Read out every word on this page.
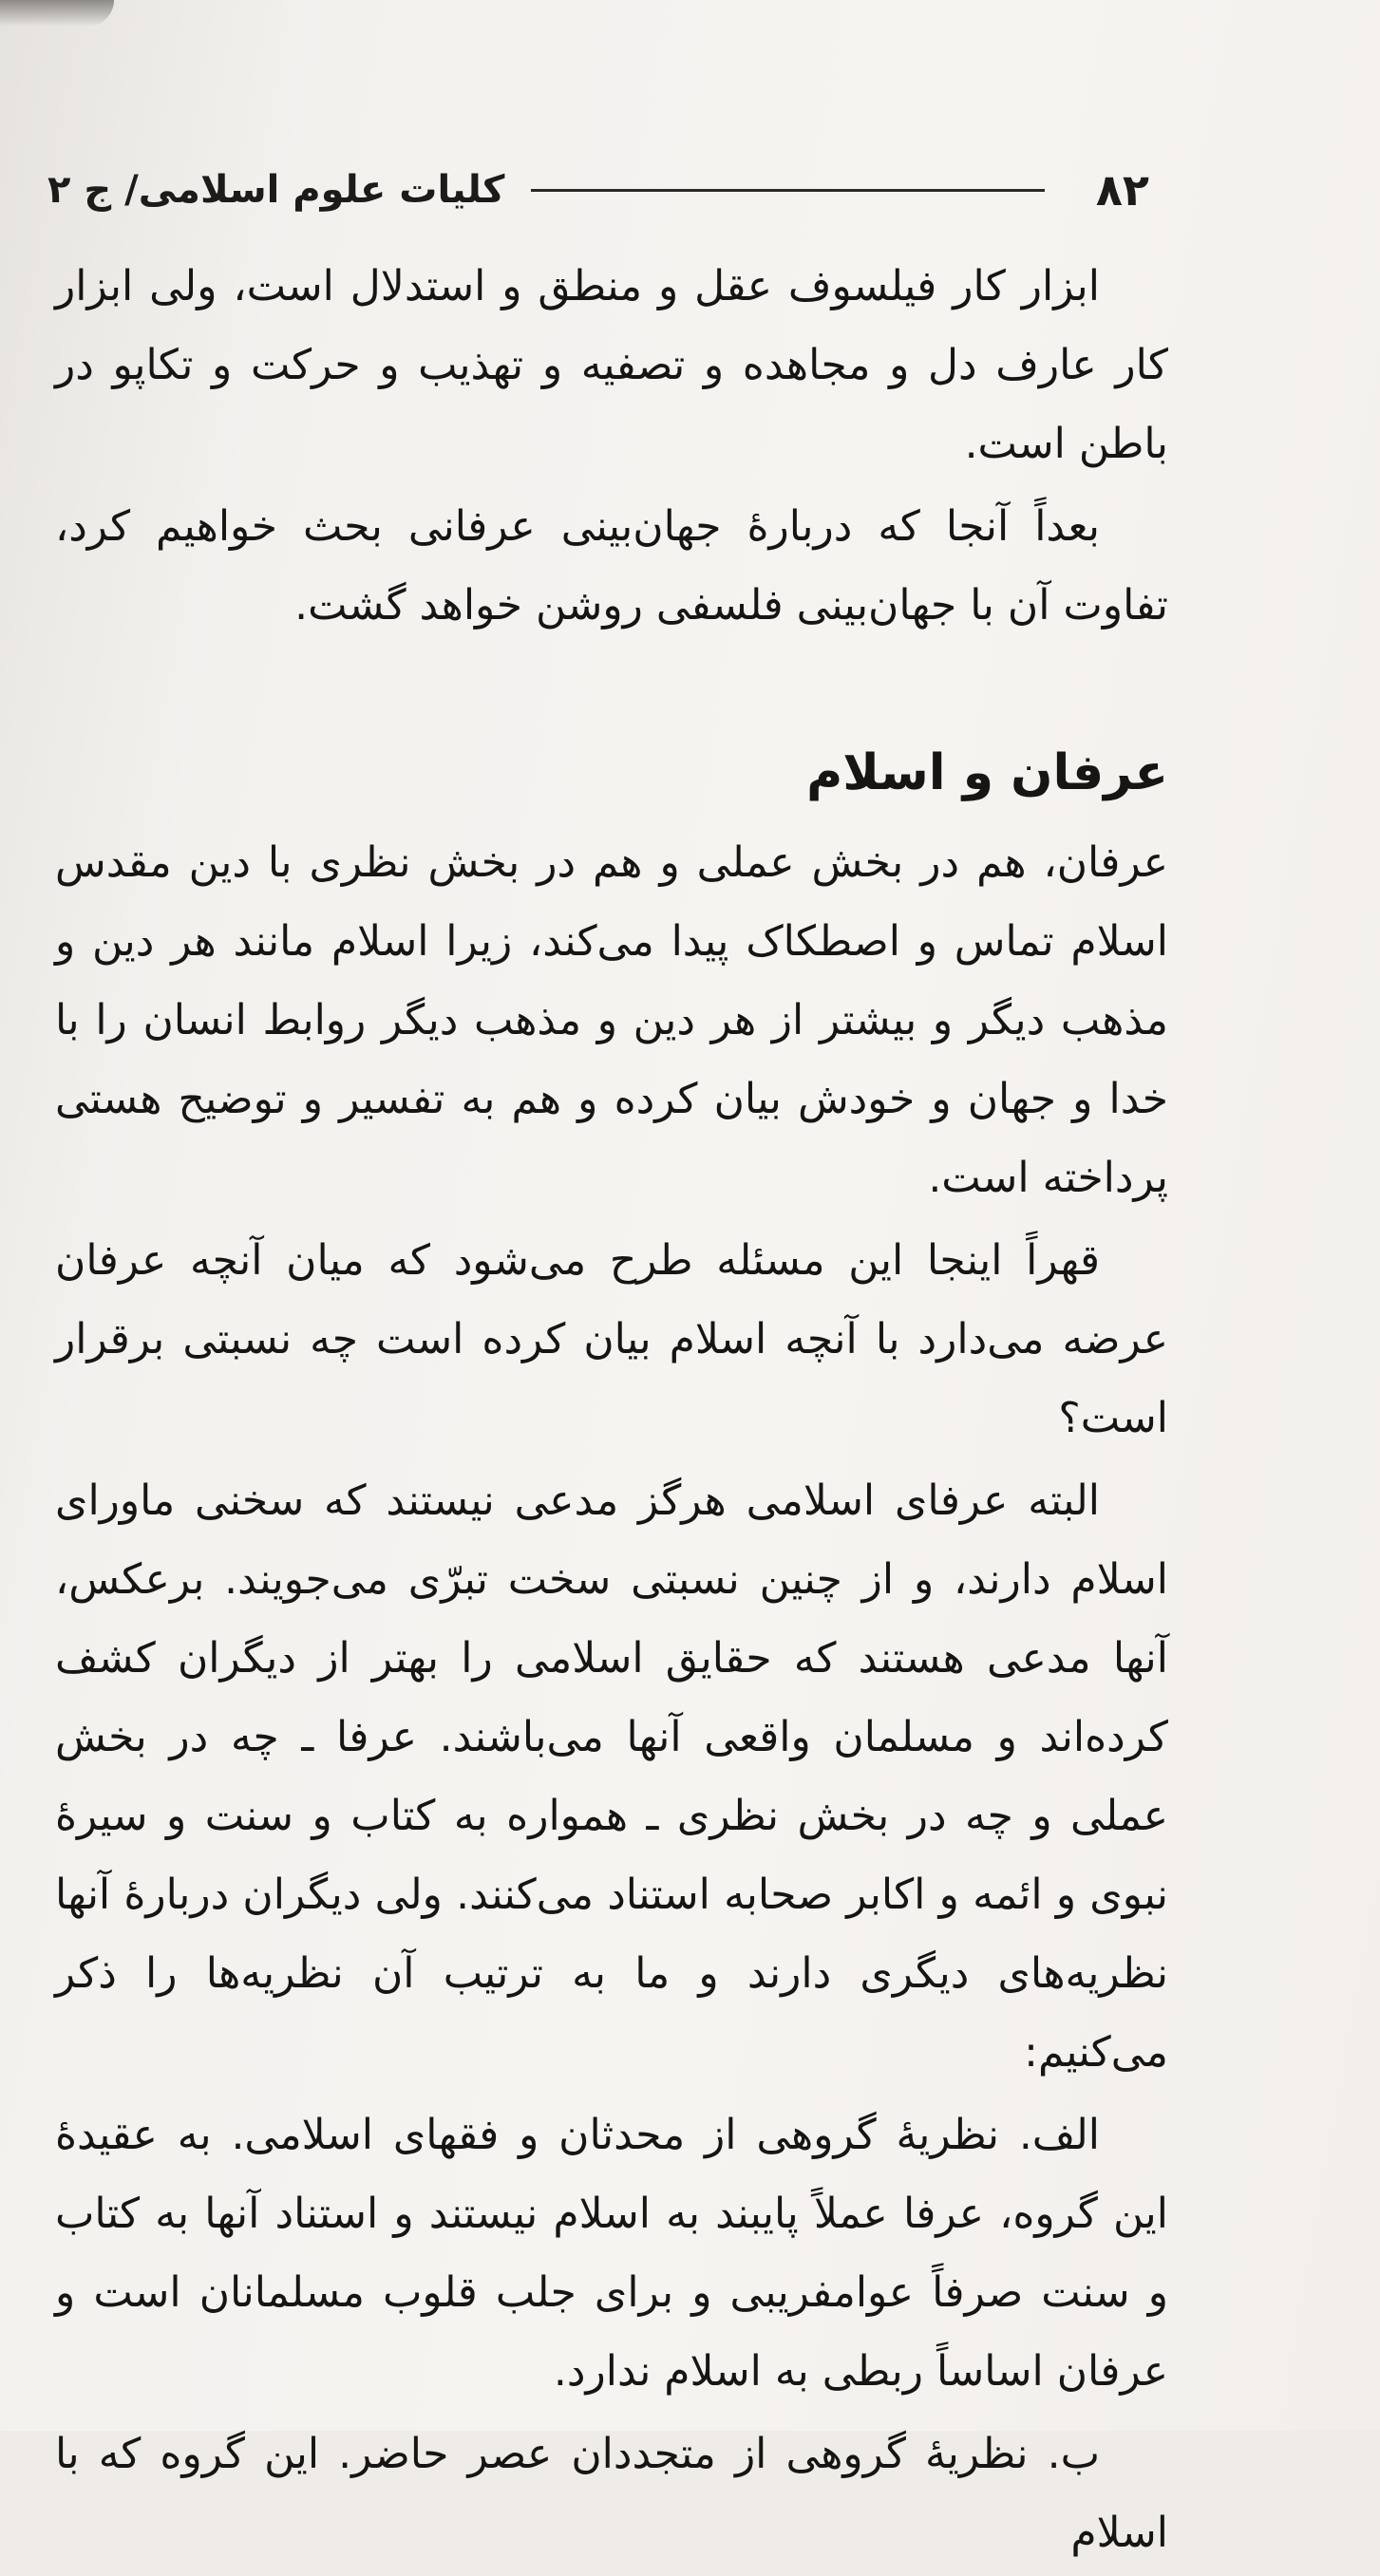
۸۲
کلیات علوم اسلامی/ ج ۲

ابزار کار فیلسوف عقل و منطق و استدلال است، ولی ابزار کار عارف دل و مجاهده و تصفیه و تهذیب و حرکت و تکاپو در باطن است.

بعداً آنجا که دربارهٔ جهان‌بینی عرفانی بحث خواهیم کرد، تفاوت آن با جهان‌بینی فلسفی روشن خواهد گشت.

عرفان و اسلام

عرفان، هم در بخش عملی و هم در بخش نظری با دین مقدس اسلام تماس و اصطکاک پیدا می‌کند، زیرا اسلام مانند هر دین و مذهب دیگر و بیشتر از هر دین و مذهب دیگر روابط انسان را با خدا و جهان و خودش بیان کرده و هم به تفسیر و توضیح هستی پرداخته است.

قهراً اینجا این مسئله طرح می‌شود که میان آنچه عرفان عرضه می‌دارد با آنچه اسلام بیان کرده است چه نسبتی برقرار است؟

البته عرفای اسلامی هرگز مدعی نیستند که سخنی ماورای اسلام دارند، و از چنین نسبتی سخت تبرّی می‌جویند. برعکس، آنها مدعی هستند که حقایق اسلامی را بهتر از دیگران کشف کرده‌اند و مسلمان واقعی آنها می‌باشند. عرفا ـ چه در بخش عملی و چه در بخش نظری ـ همواره به کتاب و سنت و سیرهٔ نبوی و ائمه و اکابر صحابه استناد می‌کنند. ولی دیگران دربارهٔ آنها نظریه‌های دیگری دارند و ما به ترتیب آن نظریه‌ها را ذکر می‌کنیم:

الف. نظریهٔ گروهی از محدثان و فقهای اسلامی. به عقیدهٔ این گروه، عرفا عملاً پایبند به اسلام نیستند و استناد آنها به کتاب و سنت صرفاً عوامفریبی و برای جلب قلوب مسلمانان است و عرفان اساساً ربطی به اسلام ندارد.

ب. نظریهٔ گروهی از متجددان عصر حاضر. این گروه که با اسلام
